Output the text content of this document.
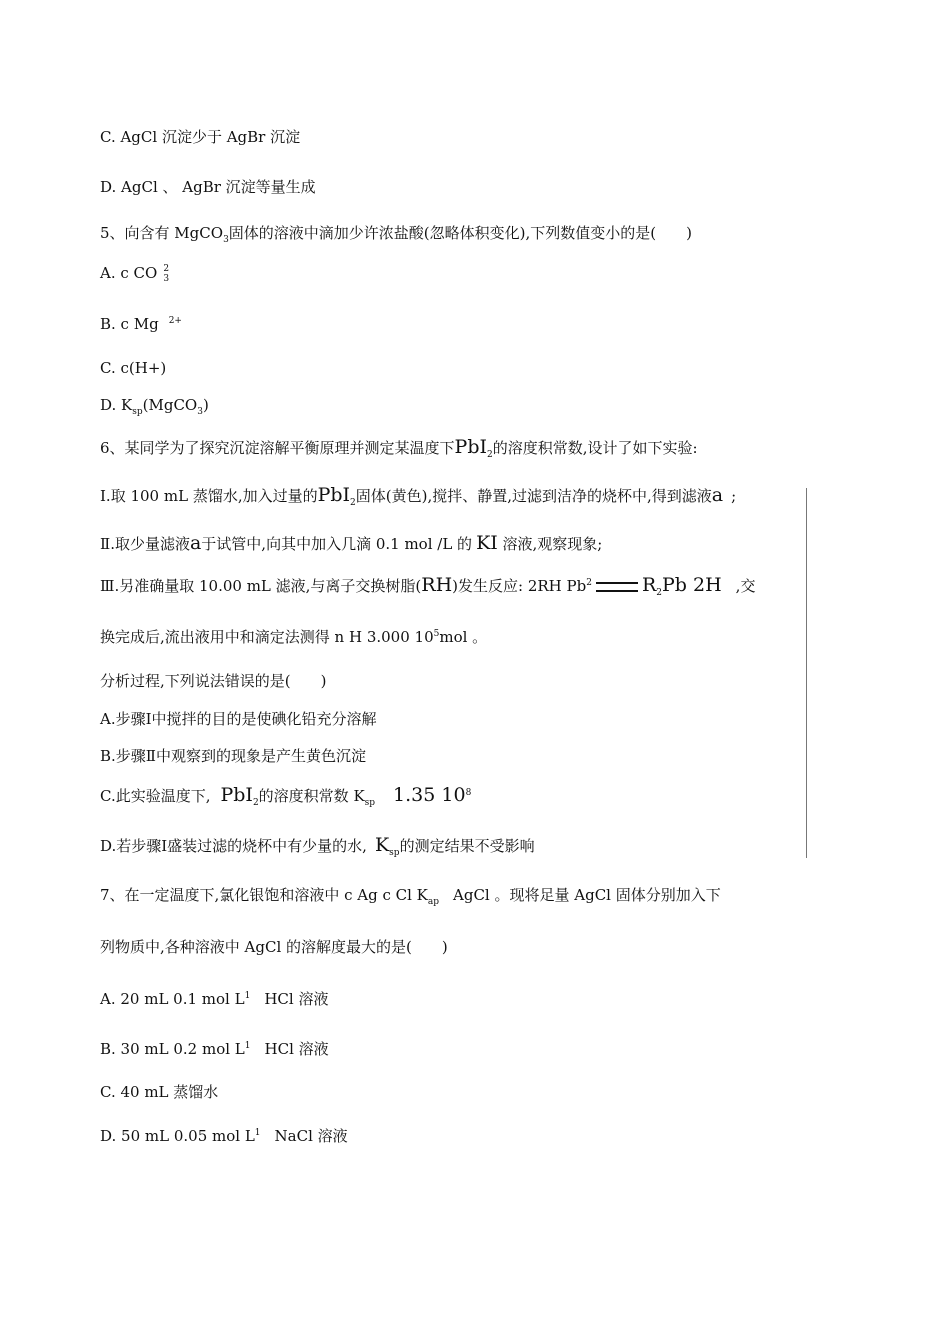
C. AgCl 沉淀少于 AgBr 沉淀
D. AgCl 、 AgBr 沉淀等量生成
5、向含有 MgCO$_3$固体的溶液中滴加少许浓盐酸(忽略体积变化),下列数值变小的是(　　)
A. c CO 2
3
B. c Mg $^{2+}$
C. c(H+)
D. $K_{sp}(MgCO_3)$
6、某同学为了探究沉淀溶解平衡原理并测定某温度下PbI$_2$的溶度积常数,设计了如下实验:
Ⅰ.取 100 mL 蒸馏水,加入过量的PbI$_2$固体(黄色),搅拌、静置,过滤到洁净的烧杯中,得到滤液a ;
Ⅱ.取少量滤液a于试管中,向其中加入几滴 0.1 mol /L 的 KI 溶液,观察现象;
Ⅲ.另准确量取 10.00 mL 滤液,与离子交换树脂(RH)发生反应: 2RH Pb$^2$	$R_2Pb$ 2H ,交
换完成后,流出液用中和滴定法测得 n H 3.000 $10^5mol$ 。
分析过程,下列说法错误的是(　　)
A.步骤Ⅰ中搅拌的目的是使碘化铅充分溶解
B.步骤Ⅱ中观察到的现象是产生黄色沉淀
C.此实验温度下, PbI$_2$的溶度积常数 $K_{sp}$ 1.35 $10^8$
D.若步骤Ⅰ盛装过滤的烧杯中有少量的水, $K_{sp}$的测定结果不受影响
7、在一定温度下,氯化银饱和溶液中 c Ag c Cl $K_{ap}$ AgCl 。现将足量 AgCl 固体分别加入下
列物质中,各种溶液中 AgCl 的溶解度最大的是(　　)
A. 20 mL 0.1 mol $L^1$ HCl 溶液
B. 30 mL 0.2 mol $L^1$ HCl 溶液
C. 40 mL 蒸馏水
D. 50 mL 0.05 mol $L^1$ NaCl 溶液
